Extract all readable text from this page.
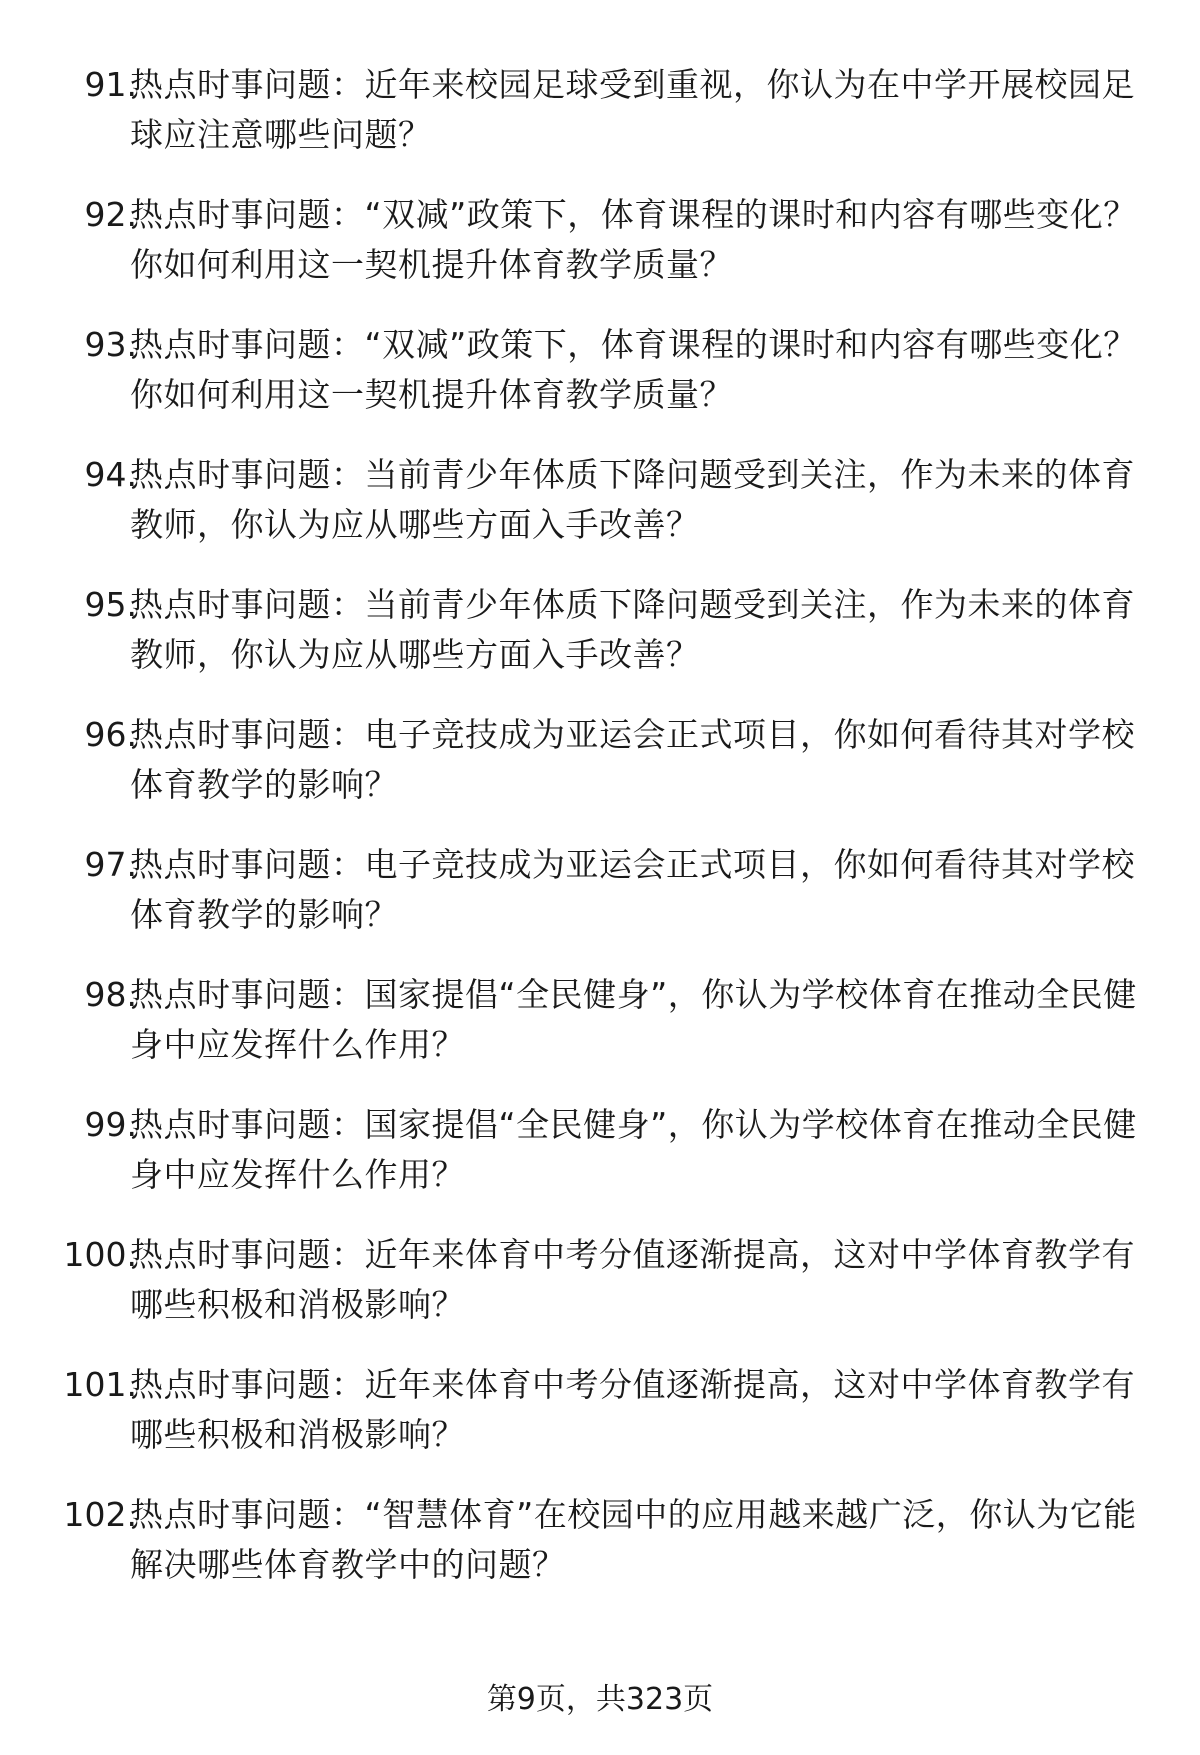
91.
热点时事问题：近年来校园足球受到重视，你认为在中学开展校园足球应注意哪些问题？
92.
热点时事问题：“双减”政策下，体育课程的课时和内容有哪些变化？你如何利用这一契机提升体育教学质量？
93.
热点时事问题：“双减”政策下，体育课程的课时和内容有哪些变化？你如何利用这一契机提升体育教学质量？
94.
热点时事问题：当前青少年体质下降问题受到关注，作为未来的体育教师，你认为应从哪些方面入手改善？
95.
热点时事问题：当前青少年体质下降问题受到关注，作为未来的体育教师，你认为应从哪些方面入手改善？
96.
热点时事问题：电子竞技成为亚运会正式项目，你如何看待其对学校体育教学的影响？
97.
热点时事问题：电子竞技成为亚运会正式项目，你如何看待其对学校体育教学的影响？
98.
热点时事问题：国家提倡“全民健身”，你认为学校体育在推动全民健身中应发挥什么作用？
99.
热点时事问题：国家提倡“全民健身”，你认为学校体育在推动全民健身中应发挥什么作用？
100.
热点时事问题：近年来体育中考分值逐渐提高，这对中学体育教学有哪些积极和消极影响？
101.
热点时事问题：近年来体育中考分值逐渐提高，这对中学体育教学有哪些积极和消极影响？
102.
热点时事问题：“智慧体育”在校园中的应用越来越广泛，你认为它能解决哪些体育教学中的问题？
第9页，共323页
